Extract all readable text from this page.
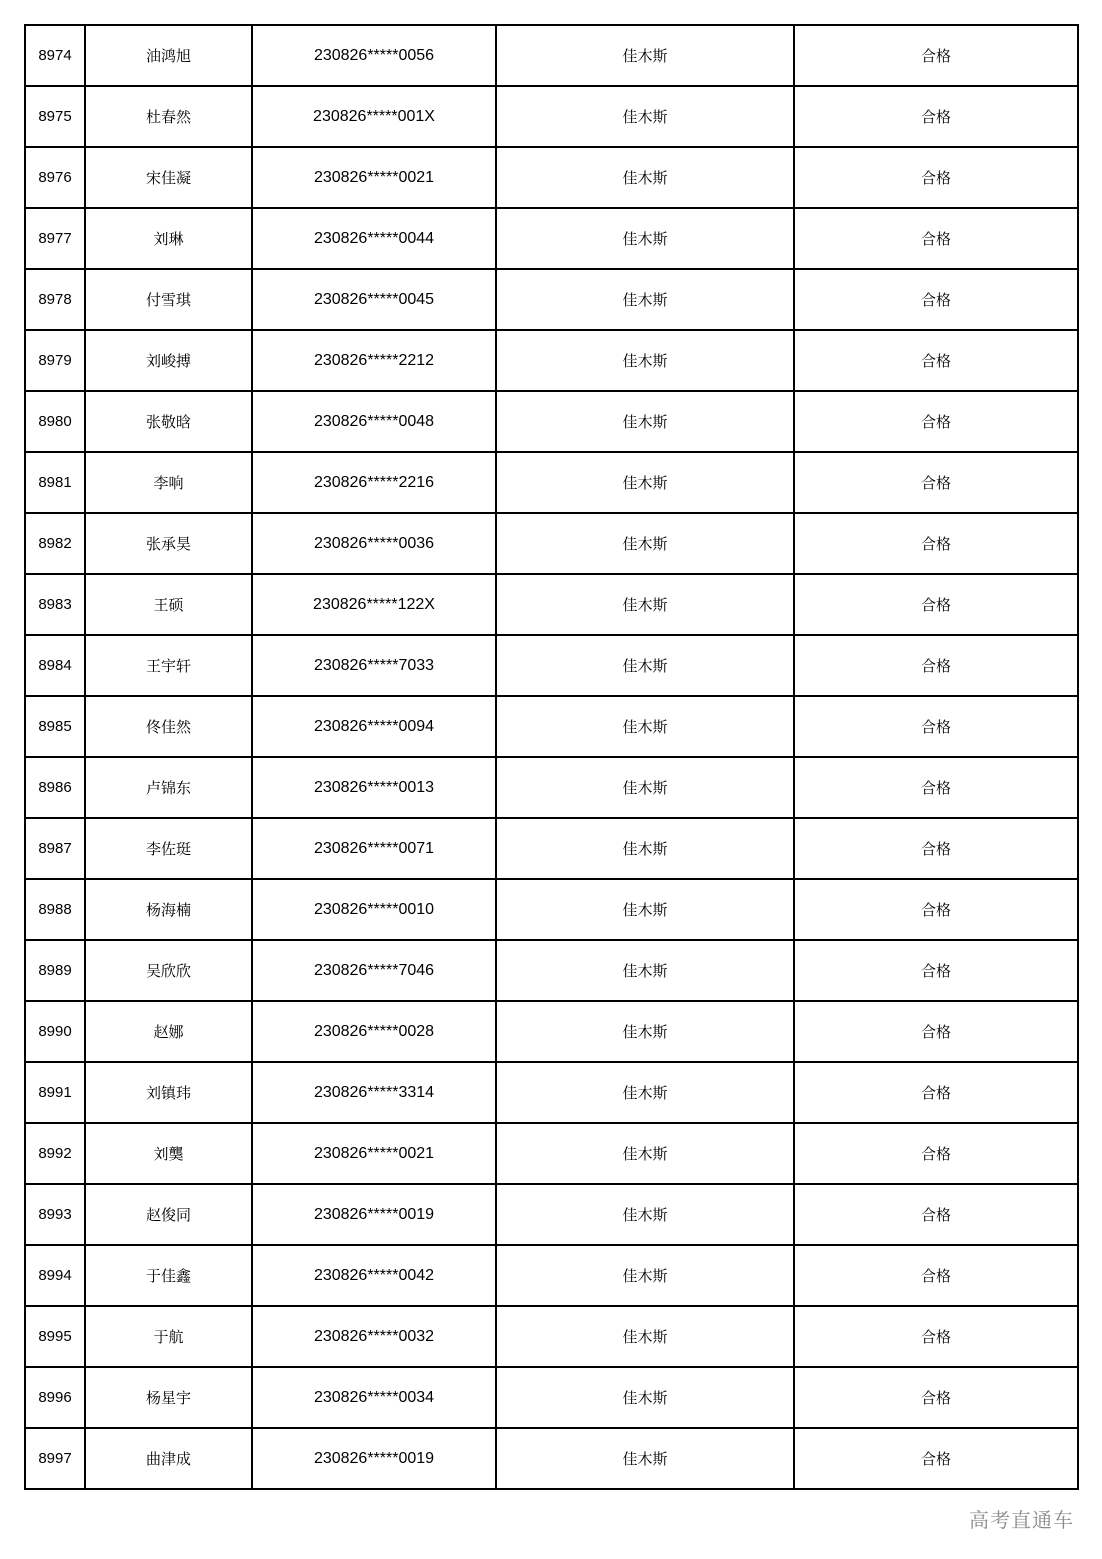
8974	油鸿旭	230826*****0056	佳木斯	合格
8975	杜春然	230826*****001X	佳木斯	合格
8976	宋佳凝	230826*****0021	佳木斯	合格
8977	刘琳	230826*****0044	佳木斯	合格
8978	付雪琪	230826*****0045	佳木斯	合格
8979	刘峻搏	230826*****2212	佳木斯	合格
8980	张敬晗	230826*****0048	佳木斯	合格
8981	李响	230826*****2216	佳木斯	合格
8982	张承昊	230826*****0036	佳木斯	合格
8983	王硕	230826*****122X	佳木斯	合格
8984	王宇轩	230826*****7033	佳木斯	合格
8985	佟佳然	230826*****0094	佳木斯	合格
8986	卢锦东	230826*****0013	佳木斯	合格
8987	李佐珽	230826*****0071	佳木斯	合格
8988	杨海楠	230826*****0010	佳木斯	合格
8989	吴欣欣	230826*****7046	佳木斯	合格
8990	赵娜	230826*****0028	佳木斯	合格
8991	刘镇玮	230826*****3314	佳木斯	合格
8992	刘龑	230826*****0021	佳木斯	合格
8993	赵俊同	230826*****0019	佳木斯	合格
8994	于佳鑫	230826*****0042	佳木斯	合格
8995	于航	230826*****0032	佳木斯	合格
8996	杨星宇	230826*****0034	佳木斯	合格
8997	曲津成	230826*****0019	佳木斯	合格
高考直通车
